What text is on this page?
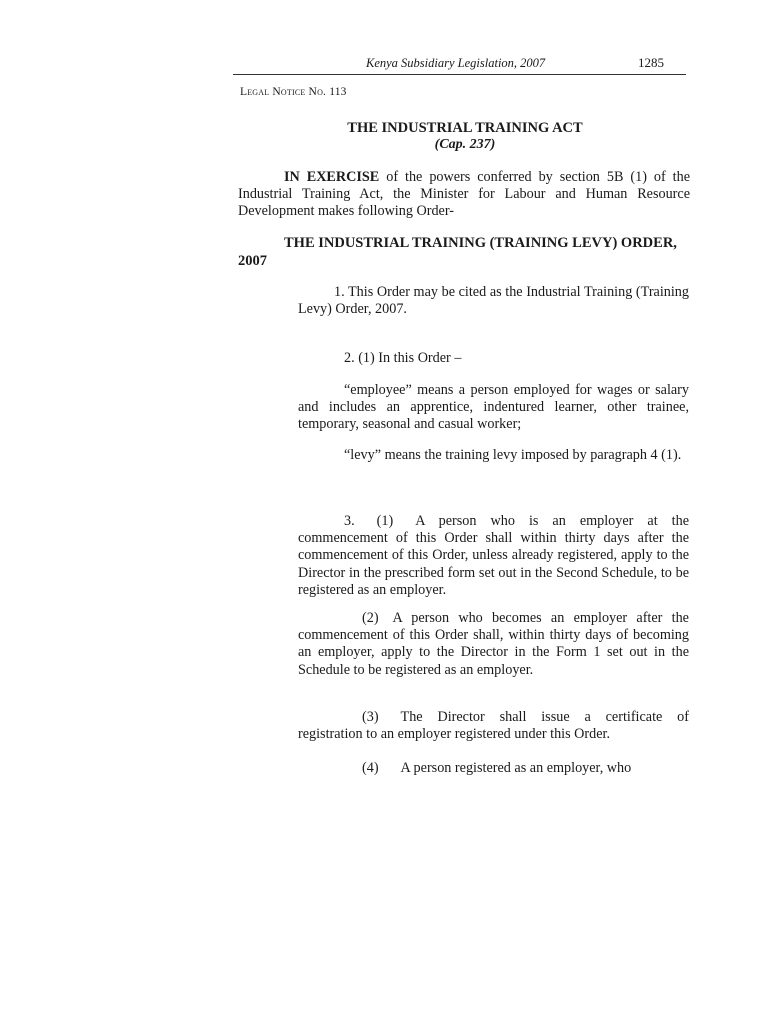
Kenya Subsidiary Legislation, 2007	1285
Legal Notice No. 113
THE INDUSTRIAL TRAINING ACT
(Cap. 237)
IN EXERCISE of the powers conferred by section 5B (1) of the Industrial Training Act, the Minister for Labour and Human Resource Development makes following Order-
THE INDUSTRIAL TRAINING (TRAINING LEVY) ORDER, 2007
1. This Order may be cited as the Industrial Training (Training Levy) Order, 2007.
2. (1) In this Order –
“employee” means a person employed for wages or salary and includes an apprentice, indentured learner, other trainee, temporary, seasonal and casual worker;
“levy” means the training levy imposed by paragraph 4 (1).
3. (1) A person who is an employer at the commencement of this Order shall within thirty days after the commencement of this Order, unless already registered, apply to the Director in the prescribed form set out in the Second Schedule, to be registered as an employer.
(2) A person who becomes an employer after the commencement of this Order shall, within thirty days of becoming an employer, apply to the Director in the Form 1 set out in the Schedule to be registered as an employer.
(3) The Director shall issue a certificate of registration to an employer registered under this Order.
(4) A person registered as an employer, who
